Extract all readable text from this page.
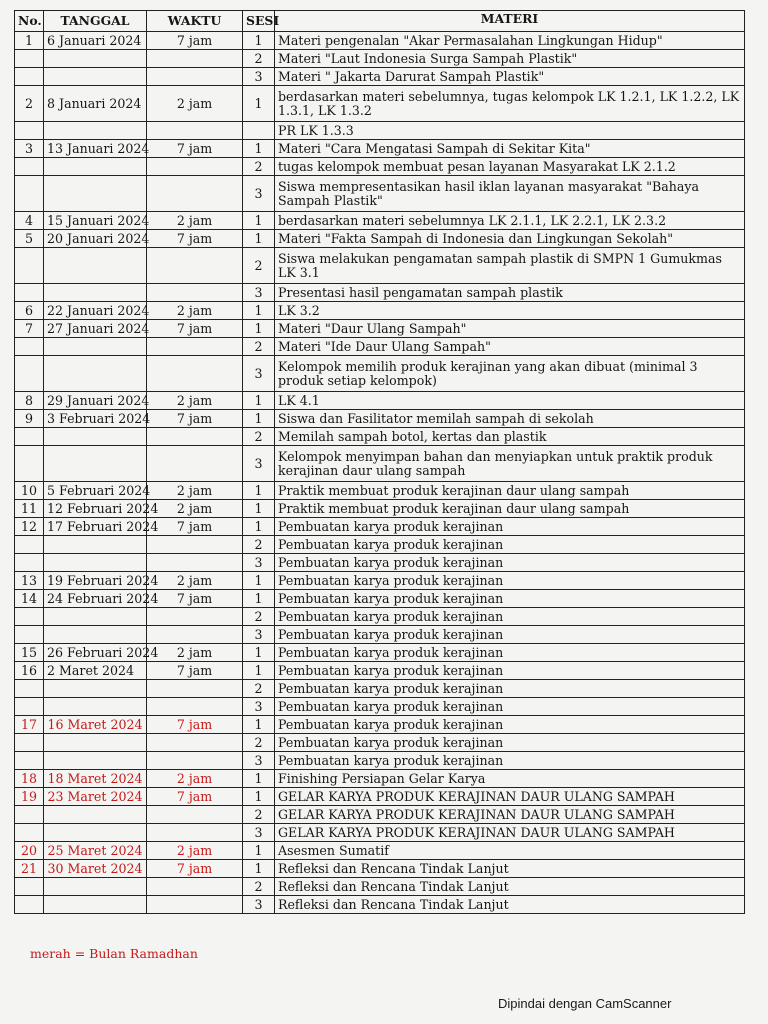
No.	TANGGAL	WAKTU	SESI	MATERI
1	6 Januari 2024	7 jam	1	Materi pengenalan "Akar Permasalahan Lingkungan Hidup"
			2	Materi "Laut Indonesia Surga Sampah Plastik"
			3	Materi " Jakarta Darurat Sampah Plastik"
2	8 Januari 2024	2 jam	1	berdasarkan materi sebelumnya, tugas kelompok LK 1.2.1, LK 1.2.2, LK 1.3.1, LK 1.3.2
				PR LK 1.3.3
3	13 Januari 2024	7 jam	1	Materi "Cara Mengatasi Sampah di Sekitar Kita"
			2	tugas kelompok membuat pesan layanan Masyarakat LK 2.1.2
			3	Siswa mempresentasikan hasil iklan layanan masyarakat "Bahaya Sampah Plastik"
4	15 Januari 2024	2 jam	1	berdasarkan materi sebelumnya LK 2.1.1, LK 2.2.1, LK 2.3.2
5	20 Januari 2024	7 jam	1	Materi "Fakta Sampah di Indonesia dan Lingkungan Sekolah"
			2	Siswa melakukan pengamatan sampah plastik di SMPN 1 Gumukmas LK 3.1
			3	Presentasi hasil pengamatan sampah plastik
6	22 Januari 2024	2 jam	1	LK 3.2
7	27 Januari 2024	7 jam	1	Materi "Daur Ulang Sampah"
			2	Materi "Ide Daur Ulang Sampah"
			3	Kelompok memilih produk kerajinan yang akan dibuat (minimal 3 produk setiap kelompok)
8	29 Januari 2024	2 jam	1	LK 4.1
9	3 Februari 2024	7 jam	1	Siswa dan Fasilitator memilah sampah di sekolah
			2	Memilah sampah botol, kertas dan plastik
			3	Kelompok menyimpan bahan dan menyiapkan untuk praktik produk kerajinan daur ulang sampah
10	5 Februari 2024	2 jam	1	Praktik membuat produk kerajinan daur ulang sampah
11	12 Februari 2024	2 jam	1	Praktik membuat produk kerajinan daur ulang sampah
12	17 Februari 2024	7 jam	1	Pembuatan karya produk kerajinan
			2	Pembuatan karya produk kerajinan
			3	Pembuatan karya produk kerajinan
13	19 Februari 2024	2 jam	1	Pembuatan karya produk kerajinan
14	24 Februari 2024	7 jam	1	Pembuatan karya produk kerajinan
			2	Pembuatan karya produk kerajinan
			3	Pembuatan karya produk kerajinan
15	26 Februari 2024	2 jam	1	Pembuatan karya produk kerajinan
16	2 Maret 2024	7 jam	1	Pembuatan karya produk kerajinan
			2	Pembuatan karya produk kerajinan
			3	Pembuatan karya produk kerajinan
17	16 Maret 2024	7 jam	1	Pembuatan karya produk kerajinan
			2	Pembuatan karya produk kerajinan
			3	Pembuatan karya produk kerajinan
18	18 Maret 2024	2 jam	1	Finishing Persiapan Gelar Karya
19	23 Maret 2024	7 jam	1	GELAR KARYA PRODUK KERAJINAN DAUR ULANG SAMPAH
			2	GELAR KARYA PRODUK KERAJINAN DAUR ULANG SAMPAH
			3	GELAR KARYA PRODUK KERAJINAN DAUR ULANG SAMPAH
20	25 Maret 2024	2 jam	1	Asesmen Sumatif
21	30 Maret 2024	7 jam	1	Refleksi dan Rencana Tindak Lanjut
			2	Refleksi dan Rencana Tindak Lanjut
			3	Refleksi dan Rencana Tindak Lanjut
merah = Bulan Ramadhan
Dipindai dengan CamScanner
